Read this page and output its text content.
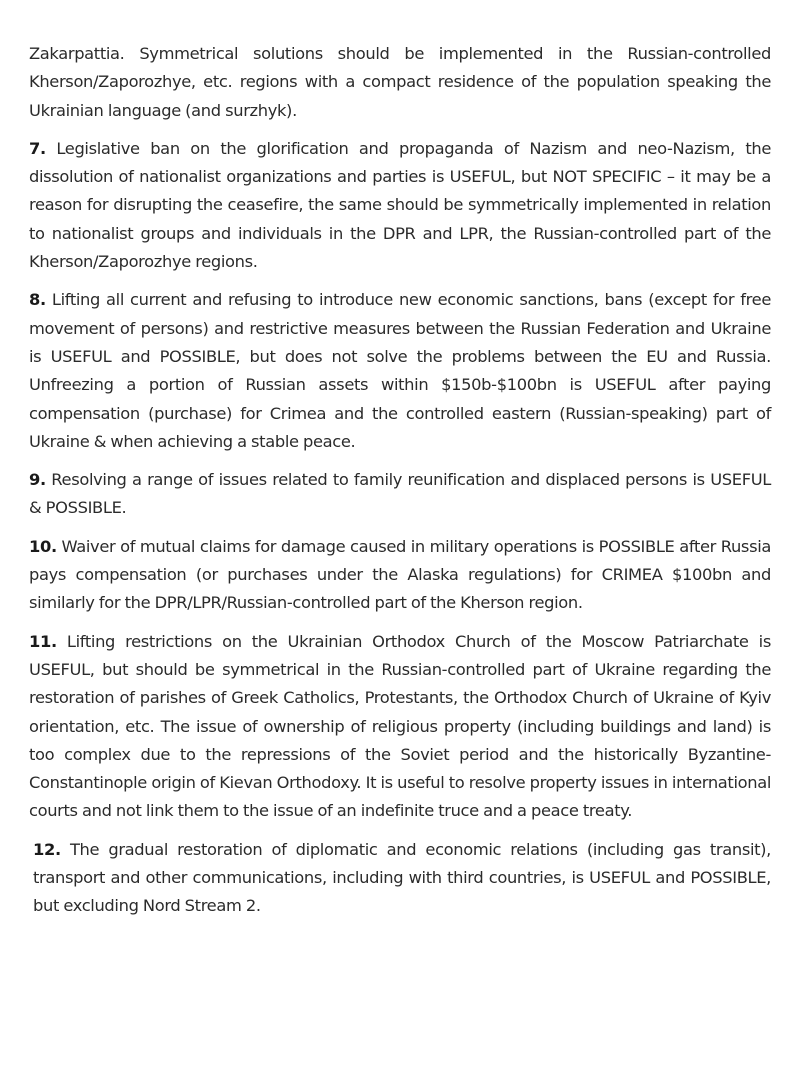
Zakarpattia. Symmetrical solutions should be implemented in the Russian-controlled Kherson/Zaporozhye, etc. regions with a compact residence of the population speaking the Ukrainian language (and surzhyk).

7. Legislative ban on the glorification and propaganda of Nazism and neo-Nazism, the dissolution of nationalist organizations and parties is USEFUL, but NOT SPECIFIC – it may be a reason for disrupting the ceasefire, the same should be symmetrically implemented in relation to nationalist groups and individuals in the DPR and LPR, the Russian-controlled part of the Kherson/Zaporozhye regions.

8. Lifting all current and refusing to introduce new economic sanctions, bans (except for free movement of persons) and restrictive measures between the Russian Federation and Ukraine is USEFUL and POSSIBLE, but does not solve the problems between the EU and Russia. Unfreezing a portion of Russian assets within $150b-$100bn is USEFUL after paying compensation (purchase) for Crimea and the controlled eastern (Russian-speaking) part of Ukraine & when achieving a stable peace.

9. Resolving a range of issues related to family reunification and displaced persons is USEFUL & POSSIBLE.

10. Waiver of mutual claims for damage caused in military operations is POSSIBLE after Russia pays compensation (or purchases under the Alaska regulations) for CRIMEA $100bn and similarly for the DPR/LPR/Russian-controlled part of the Kherson region.

11. Lifting restrictions on the Ukrainian Orthodox Church of the Moscow Patriarchate is USEFUL, but should be symmetrical in the Russian-controlled part of Ukraine regarding the restoration of parishes of Greek Catholics, Protestants, the Orthodox Church of Ukraine of Kyiv orientation, etc. The issue of ownership of religious property (including buildings and land) is too complex due to the repressions of the Soviet period and the historically Byzantine-Constantinople origin of Kievan Orthodoxy. It is useful to resolve property issues in international courts and not link them to the issue of an indefinite truce and a peace treaty.

12. The gradual restoration of diplomatic and economic relations (including gas transit), transport and other communications, including with third countries, is USEFUL and POSSIBLE, but excluding Nord Stream 2.
